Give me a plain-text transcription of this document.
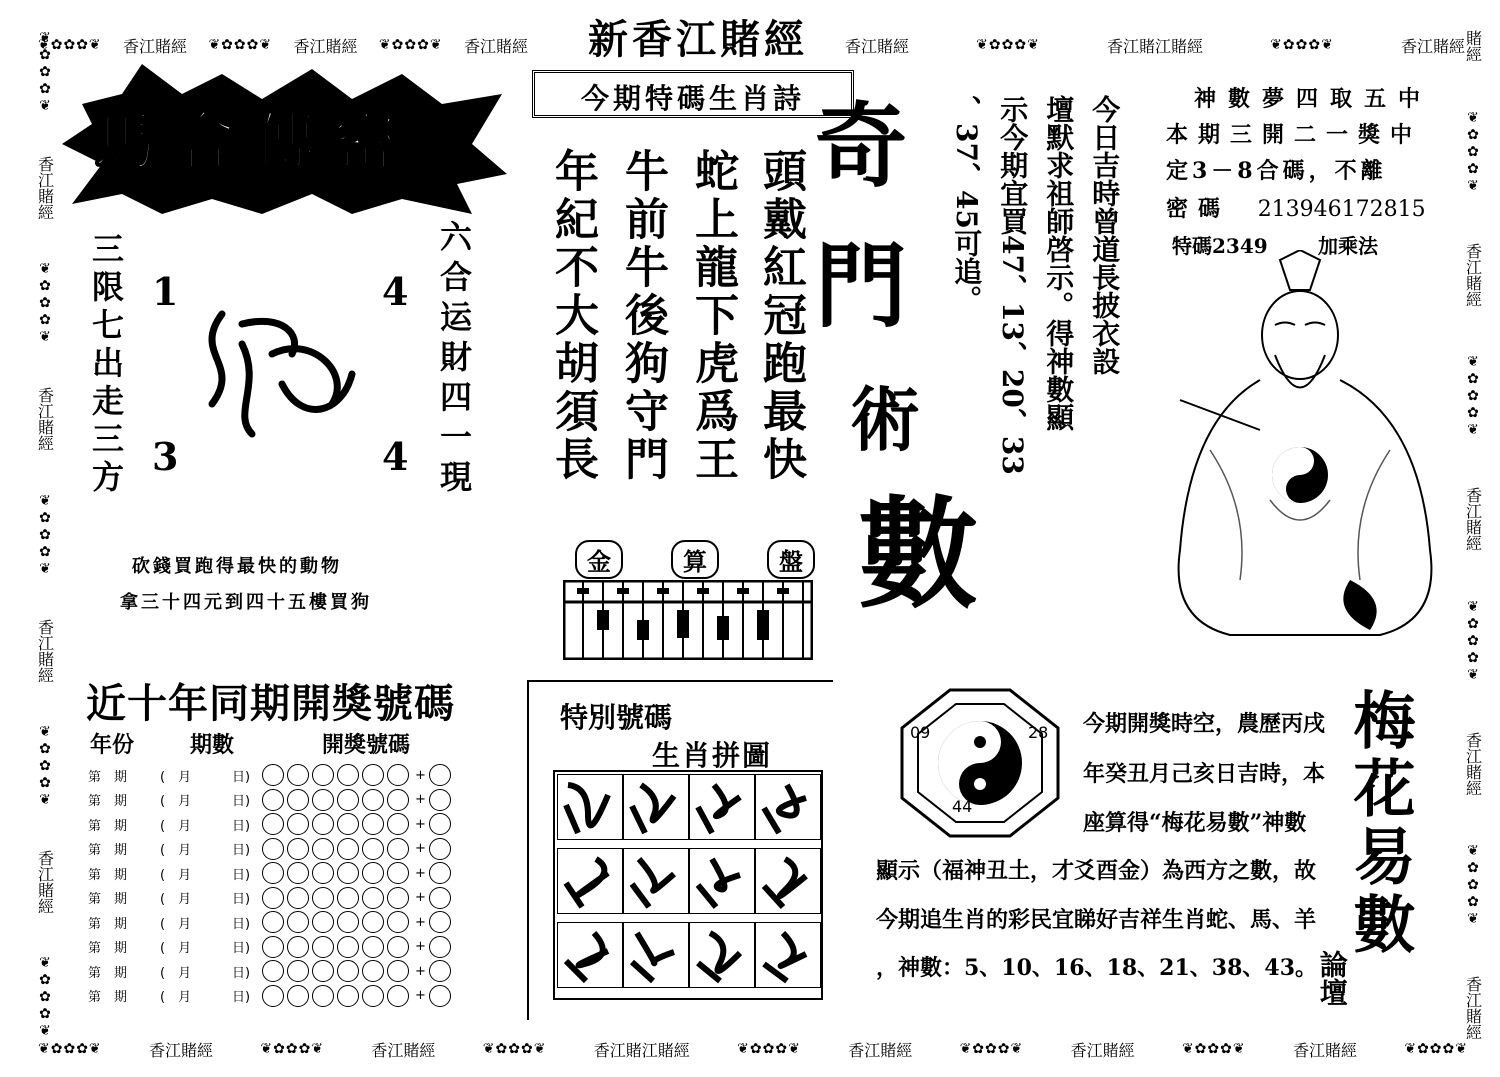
❦✿✿✿❦ 香江賭經 ❦✿✿✿❦ 香江賭經 ❦✿✿✿❦ 香江賭經	香江賭經	❦✿✿✿❦	香江賭江賭經	❦✿✿✿❦	香江賭經
❦✿✿✿❦	香江賭經	❦✿✿✿❦	香江賭經	❦✿✿✿❦	香江賭江賭經	❦✿✿✿❦	香江賭經	❦✿✿✿❦	香江賭經	❦✿✿✿❦	香江賭經	❦✿✿✿❦
❦✿✿✿❦
香江賭經
❦✿✿✿❦
香江賭經
❦✿✿✿❦
香江賭經
❦✿✿✿❦
香江賭經
❦✿✿✿❦
賭經
❦✿✿✿❦
香江賭經
❦✿✿✿❦
香江賭經
❦✿✿✿❦
香江賭經
❦✿✿✿❦
香江賭經
新香江賭經
馬會傳密
三限七出走三方	六合运財四一現
1	4
3	4
砍錢買跑得最快的動物
拿三十四元到四十五樓買狗
今期特碼生肖詩
頭戴紅冠跑最快
蛇上龍下虎爲王
牛前牛後狗守門
年紀不大胡須長
金	算	盤
奇
門
術
數
今日吉時曾道長披衣設
壇默求祖師啓示。得神數顯
示今期宜買47、13、20、33
、37、45可追。	神數夢四取五中
本期三開二一獎中
定3－8合碼，不離
密碼 213946172815
特碼2349	加乘法
近十年同期開獎號碼
年份	期數	開獎號碼
第　期	(　月	日)	+
第　期	(　月	日)	+
第　期	(　月	日)	+
第　期	(　月	日)	+
第　期	(　月	日)	+
第　期	(　月	日)	+
第　期	(　月	日)	+
第　期	(　月	日)	+
第　期	(　月	日)	+
第　期	(　月	日)	+
特別號碼
生肖拼圖
09	28
44
今期開獎時空，農歷丙戌
年癸丑月己亥日吉時，本
座算得“梅花易數”神數
顯示（福神丑土，才爻酉金）為西方之數，故
今期追生肖的彩民宜睇好吉祥生肖蛇、馬、羊
，神數：5、10、16、18、21、38、43。
梅花易數
論壇
